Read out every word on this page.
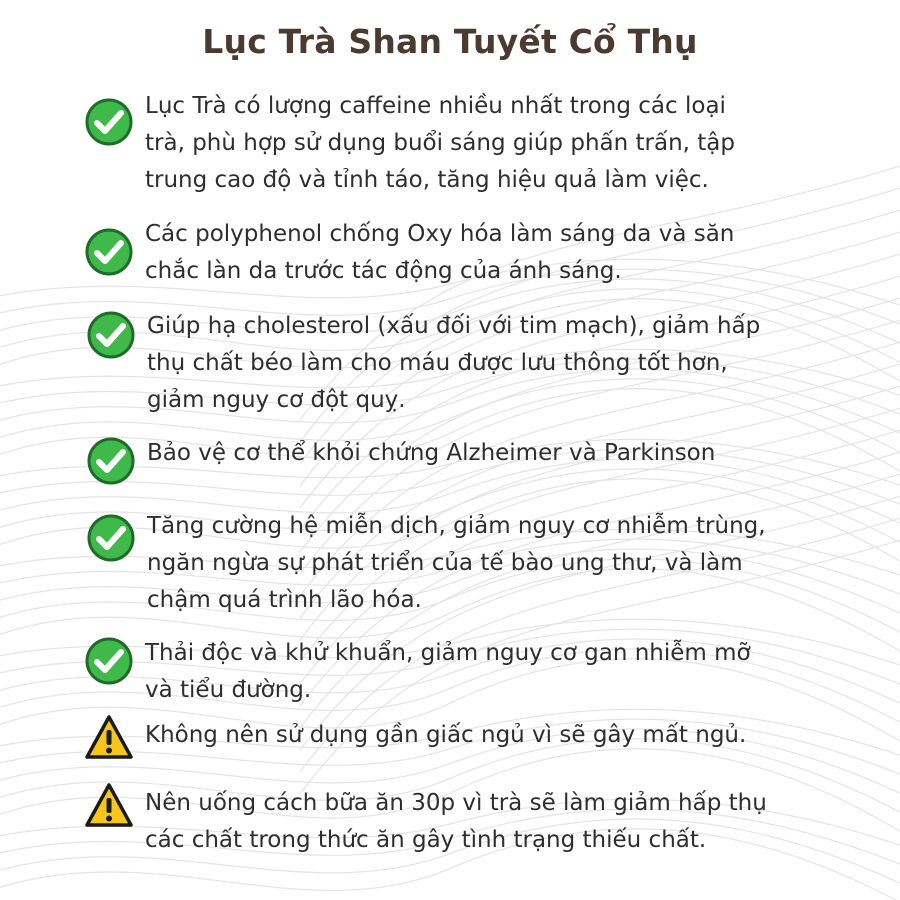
Lục Trà Shan Tuyết Cổ Thụ

Lục Trà có lượng caffeine nhiều nhất trong các loại
trà, phù hợp sử dụng buổi sáng giúp phấn trấn, tập
trung cao độ và tỉnh táo, tăng hiệu quả làm việc.

Các polyphenol chống Oxy hóa làm sáng da và săn
chắc làn da trước tác động của ánh sáng.

Giúp hạ cholesterol (xấu đối với tim mạch), giảm hấp
thụ chất béo làm cho máu được lưu thông tốt hơn,
giảm nguy cơ đột quỵ.

Bảo vệ cơ thể khỏi chứng Alzheimer và Parkinson

Tăng cường hệ miễn dịch, giảm nguy cơ nhiễm trùng,
ngăn ngừa sự phát triển của tế bào ung thư, và làm
chậm quá trình lão hóa.

Thải độc và khử khuẩn, giảm nguy cơ gan nhiễm mỡ
và tiểu đường.

Không nên sử dụng gần giấc ngủ vì sẽ gây mất ngủ.

Nên uống cách bữa ăn 30p vì trà sẽ làm giảm hấp thụ
các chất trong thức ăn gây tình trạng thiếu chất.
